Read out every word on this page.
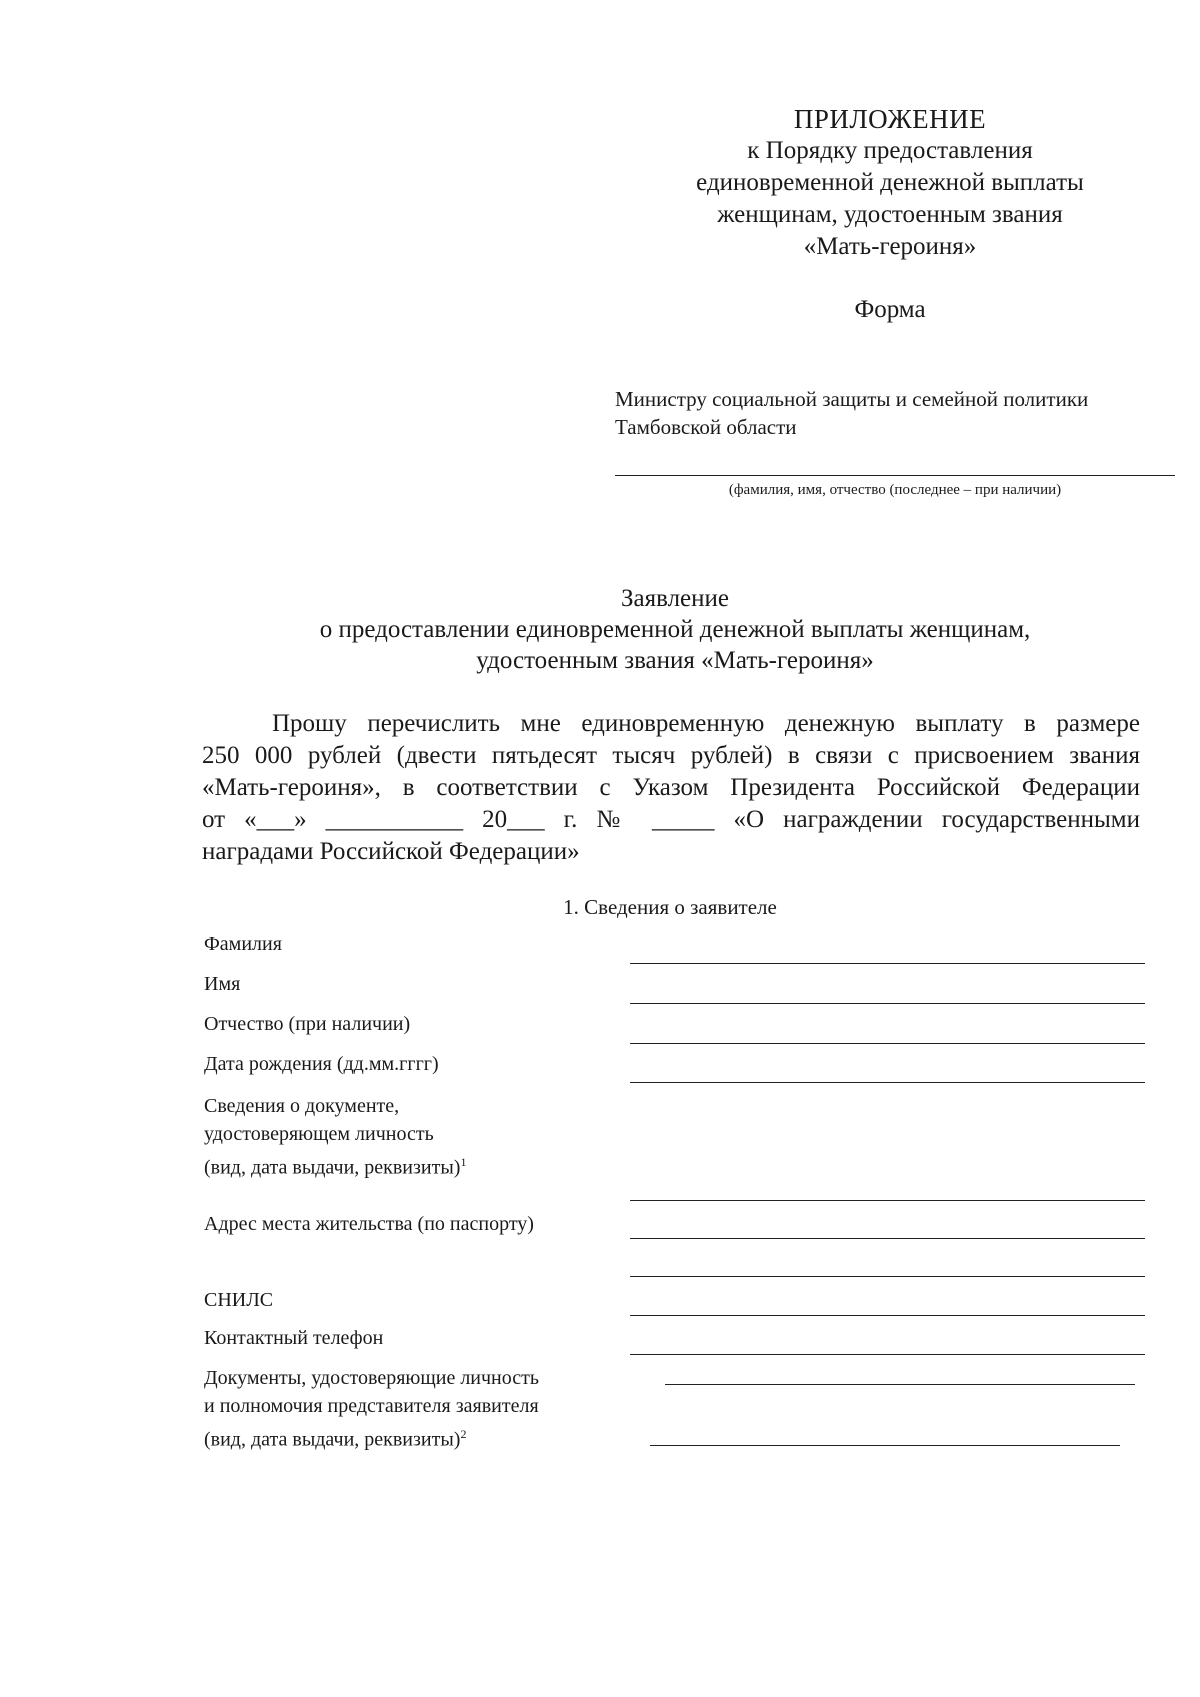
ПРИЛОЖЕНИЕ
к Порядку предоставления
единовременной денежной выплаты
женщинам, удостоенным звания
«Мать-героиня»
Форма
Министру социальной защиты и семейной политики
Тамбовской области
(фамилия, имя, отчество (последнее – при наличии)
Заявление
о предоставлении единовременной денежной выплаты женщинам,
удостоенным звания «Мать-героиня»
Прошу перечислить мне единовременную денежную выплату в размере
250 000 рублей (двести пятьдесят тысяч рублей) в связи с присвоением звания
«Мать-героиня», в соответствии с Указом Президента Российской Федерации
от «___» ___________ 20___ г. № _____ «О награждении государственными
наградами Российской Федерации»
1. Сведения о заявителе
Фамилия
Имя
Отчество (при наличии)
Дата рождения (дд.мм.гггг)
Сведения о документе,
удостоверяющем личность
(вид, дата выдачи, реквизиты)$^1$
Адрес места жительства (по паспорту)
СНИЛС
Контактный телефон
Документы, удостоверяющие личность
и полномочия представителя заявителя
(вид, дата выдачи, реквизиты)$^2$
